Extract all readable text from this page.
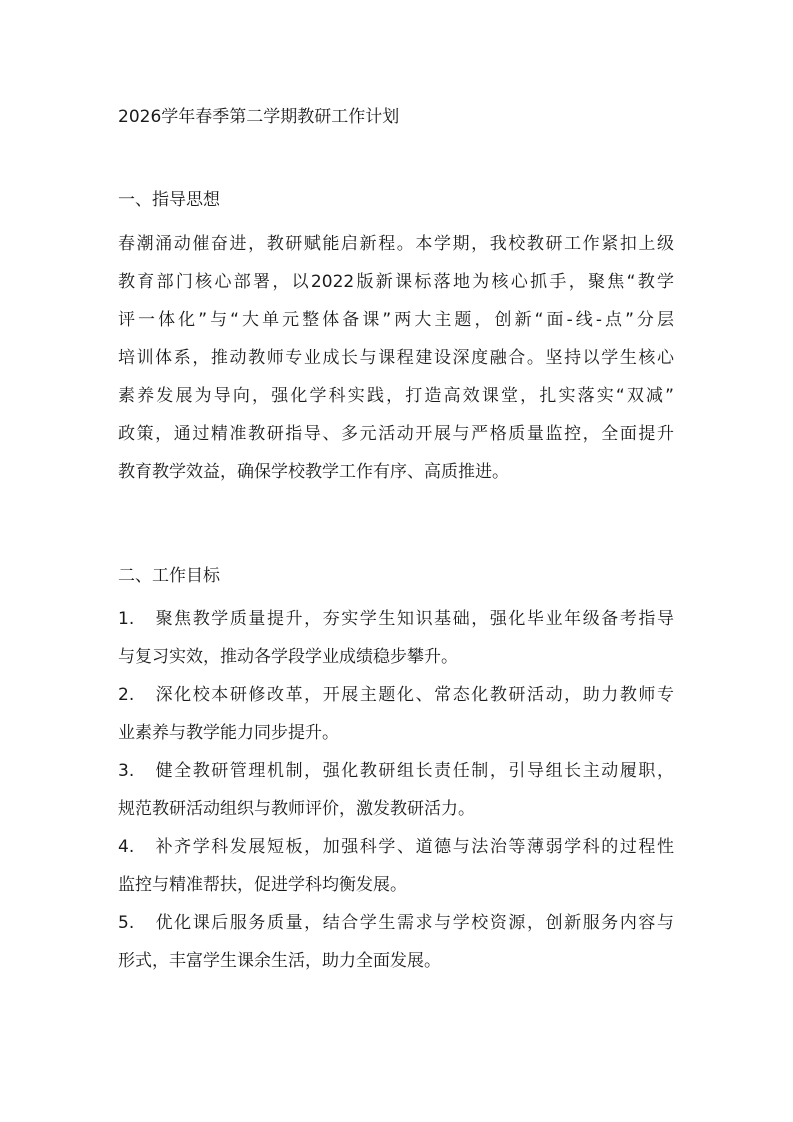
2026学年春季第二学期教研工作计划

一、指导思想

春潮涌动催奋进，教研赋能启新程。本学期，我校教研工作紧扣上级

教育部门核心部署，以2022版新课标落地为核心抓手，聚焦“教学

评一体化”与“大单元整体备课”两大主题，创新“面-线-点”分层

培训体系，推动教师专业成长与课程建设深度融合。坚持以学生核心

素养发展为导向，强化学科实践，打造高效课堂，扎实落实“双减”

政策，通过精准教研指导、多元活动开展与严格质量监控，全面提升

教育教学效益，确保学校教学工作有序、高质推进。

二、工作目标

1. 聚焦教学质量提升，夯实学生知识基础，强化毕业年级备考指导

与复习实效，推动各学段学业成绩稳步攀升。

2. 深化校本研修改革，开展主题化、常态化教研活动，助力教师专

业素养与教学能力同步提升。

3. 健全教研管理机制，强化教研组长责任制，引导组长主动履职，

规范教研活动组织与教师评价，激发教研活力。

4. 补齐学科发展短板，加强科学、道德与法治等薄弱学科的过程性

监控与精准帮扶，促进学科均衡发展。

5. 优化课后服务质量，结合学生需求与学校资源，创新服务内容与

形式，丰富学生课余生活，助力全面发展。
